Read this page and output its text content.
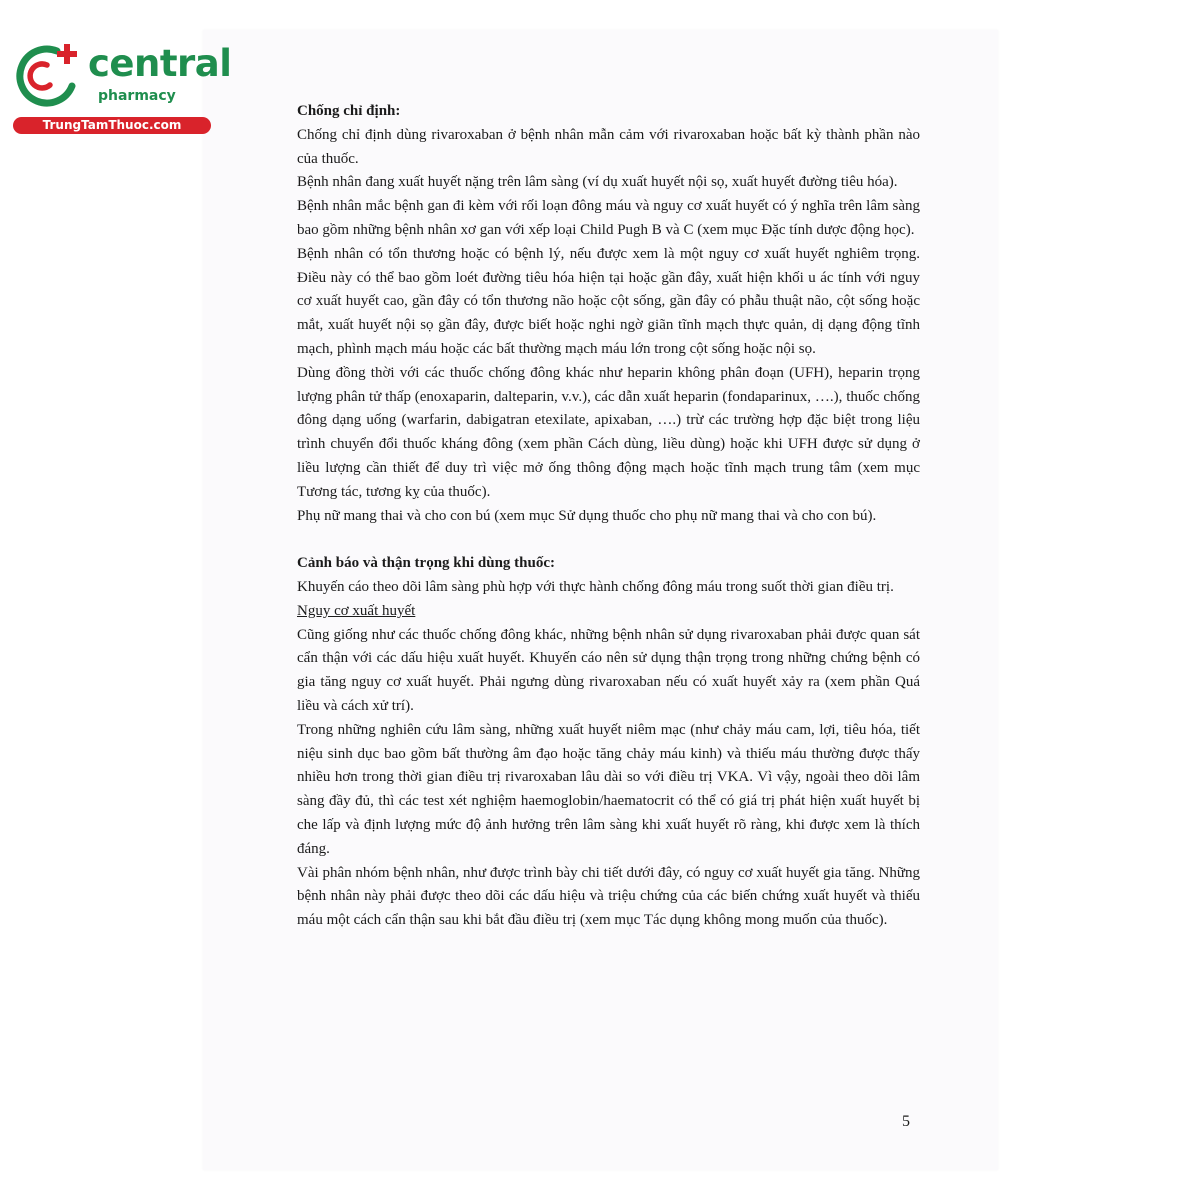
central
pharmacy
TrungTamThuoc.com

Chống chỉ định:

Chống chỉ định dùng rivaroxaban ở bệnh nhân mẫn cảm với rivaroxaban hoặc bất kỳ thành phần nào của thuốc.

Bệnh nhân đang xuất huyết nặng trên lâm sàng (ví dụ xuất huyết nội sọ, xuất huyết đường tiêu hóa).

Bệnh nhân mắc bệnh gan đi kèm với rối loạn đông máu và nguy cơ xuất huyết có ý nghĩa trên lâm sàng bao gồm những bệnh nhân xơ gan với xếp loại Child Pugh B và C (xem mục Đặc tính dược động học).

Bệnh nhân có tổn thương hoặc có bệnh lý, nếu được xem là một nguy cơ xuất huyết nghiêm trọng. Điều này có thể bao gồm loét đường tiêu hóa hiện tại hoặc gần đây, xuất hiện khối u ác tính với nguy cơ xuất huyết cao, gần đây có tổn thương não hoặc cột sống, gần đây có phẫu thuật não, cột sống hoặc mắt, xuất huyết nội sọ gần đây, được biết hoặc nghi ngờ giãn tĩnh mạch thực quản, dị dạng động tĩnh mạch, phình mạch máu hoặc các bất thường mạch máu lớn trong cột sống hoặc nội sọ.

Dùng đồng thời với các thuốc chống đông khác như heparin không phân đoạn (UFH), heparin trọng lượng phân tử thấp (enoxaparin, dalteparin, v.v.), các dẫn xuất heparin (fondaparinux, ….), thuốc chống đông dạng uống (warfarin, dabigatran etexilate, apixaban, ….) trừ các trường hợp đặc biệt trong liệu trình chuyển đổi thuốc kháng đông (xem phần Cách dùng, liều dùng) hoặc khi UFH được sử dụng ở liều lượng cần thiết để duy trì việc mở ống thông động mạch hoặc tĩnh mạch trung tâm (xem mục Tương tác, tương kỵ của thuốc).

Phụ nữ mang thai và cho con bú (xem mục Sử dụng thuốc cho phụ nữ mang thai và cho con bú).

Cảnh báo và thận trọng khi dùng thuốc:

Khuyến cáo theo dõi lâm sàng phù hợp với thực hành chống đông máu trong suốt thời gian điều trị.

Nguy cơ xuất huyết

Cũng giống như các thuốc chống đông khác, những bệnh nhân sử dụng rivaroxaban phải được quan sát cẩn thận với các dấu hiệu xuất huyết. Khuyến cáo nên sử dụng thận trọng trong những chứng bệnh có gia tăng nguy cơ xuất huyết. Phải ngưng dùng rivaroxaban nếu có xuất huyết xảy ra (xem phần Quá liều và cách xử trí).

Trong những nghiên cứu lâm sàng, những xuất huyết niêm mạc (như chảy máu cam, lợi, tiêu hóa, tiết niệu sinh dục bao gồm bất thường âm đạo hoặc tăng chảy máu kinh) và thiếu máu thường được thấy nhiều hơn trong thời gian điều trị rivaroxaban lâu dài so với điều trị VKA. Vì vậy, ngoài theo dõi lâm sàng đầy đủ, thì các test xét nghiệm haemoglobin/haematocrit có thể có giá trị phát hiện xuất huyết bị che lấp và định lượng mức độ ảnh hưởng trên lâm sàng khi xuất huyết rõ ràng, khi được xem là thích đáng.

Vài phân nhóm bệnh nhân, như được trình bày chi tiết dưới đây, có nguy cơ xuất huyết gia tăng. Những bệnh nhân này phải được theo dõi các dấu hiệu và triệu chứng của các biến chứng xuất huyết và thiếu máu một cách cẩn thận sau khi bắt đầu điều trị (xem mục Tác dụng không mong muốn của thuốc).

5
